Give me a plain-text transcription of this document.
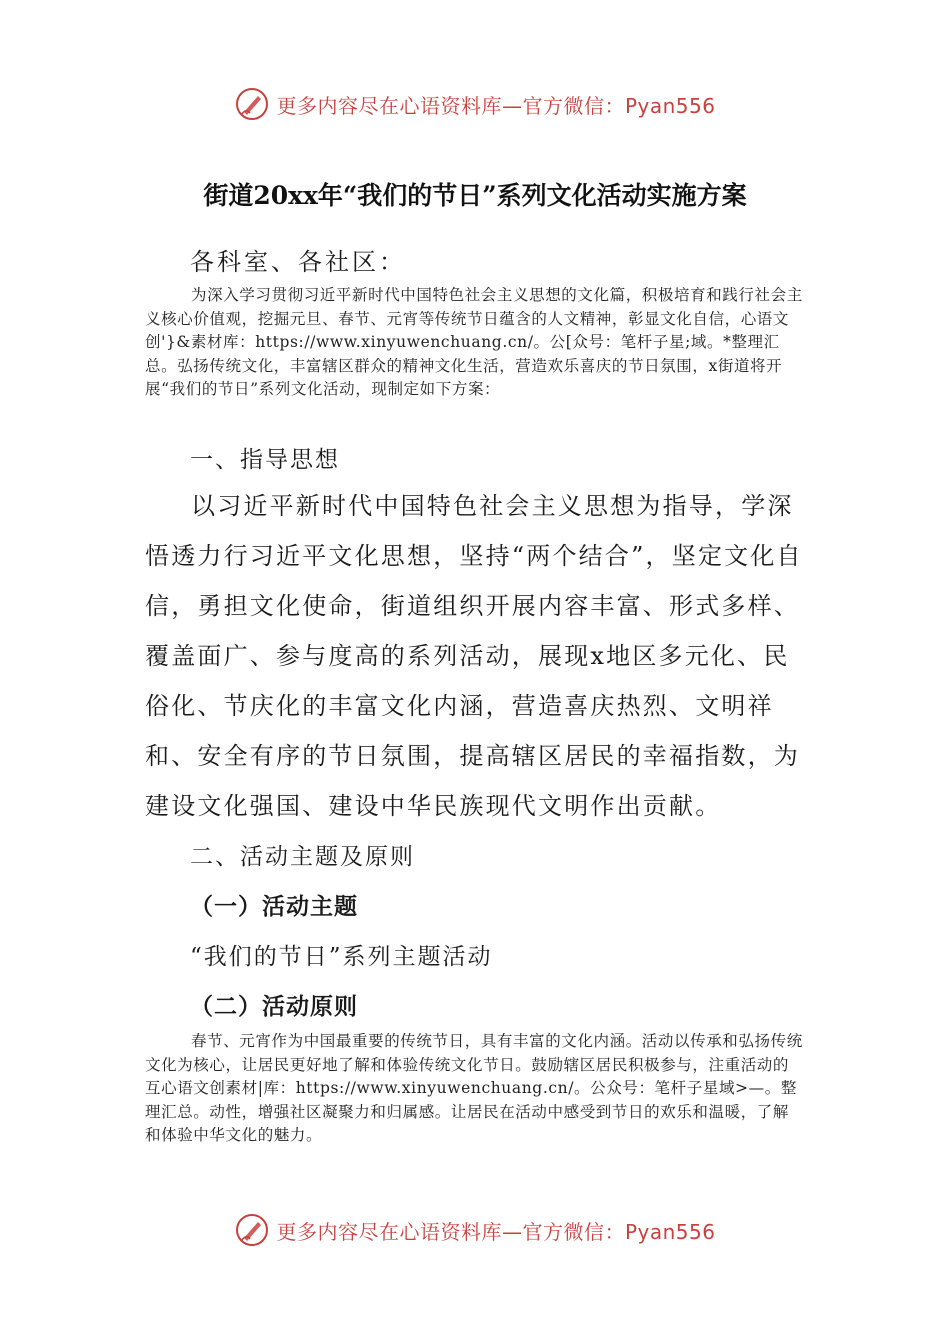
更多内容尽在心语资料库—官方微信：Pyan556
街道20xx年“我们的节日”系列文化活动实施方案
各科室、各社区：

为深入学习贯彻习近平新时代中国特色社会主义思想的文化篇，积极培育和践行社会主义核心价值观，挖掘元旦、春节、元宵等传统节日蕴含的人文精神，彰显文化自信，心语文创'}&素材库：https://www.xinyuwenchuang.cn/。公[众号：笔杆子星;域。*整理汇总。弘扬传统文化，丰富辖区群众的精神文化生活，营造欢乐喜庆的节日氛围，x街道将开展“我们的节日”系列文化活动，现制定如下方案：

一、指导思想

以习近平新时代中国特色社会主义思想为指导，学深悟透力行习近平文化思想，坚持“两个结合”，坚定文化自信，勇担文化使命，街道组织开展内容丰富、形式多样、覆盖面广、参与度高的系列活动，展现x地区多元化、民俗化、节庆化的丰富文化内涵，营造喜庆热烈、文明祥和、安全有序的节日氛围，提高辖区居民的幸福指数，为建设文化强国、建设中华民族现代文明作出贡献。

二、活动主题及原则
（一）活动主题
“我们的节日”系列主题活动
（二）活动原则

春节、元宵作为中国最重要的传统节日，具有丰富的文化内涵。活动以传承和弘扬传统文化为核心，让居民更好地了解和体验传统文化节日。鼓励辖区居民积极参与，注重活动的互心语文创素材|库：https://www.xinyuwenchuang.cn/。公众号：笔杆子星域>—。整理汇总。动性，增强社区凝聚力和归属感。让居民在活动中感受到节日的欢乐和温暖，了解和体验中华文化的魅力。

更多内容尽在心语资料库—官方微信：Pyan556
